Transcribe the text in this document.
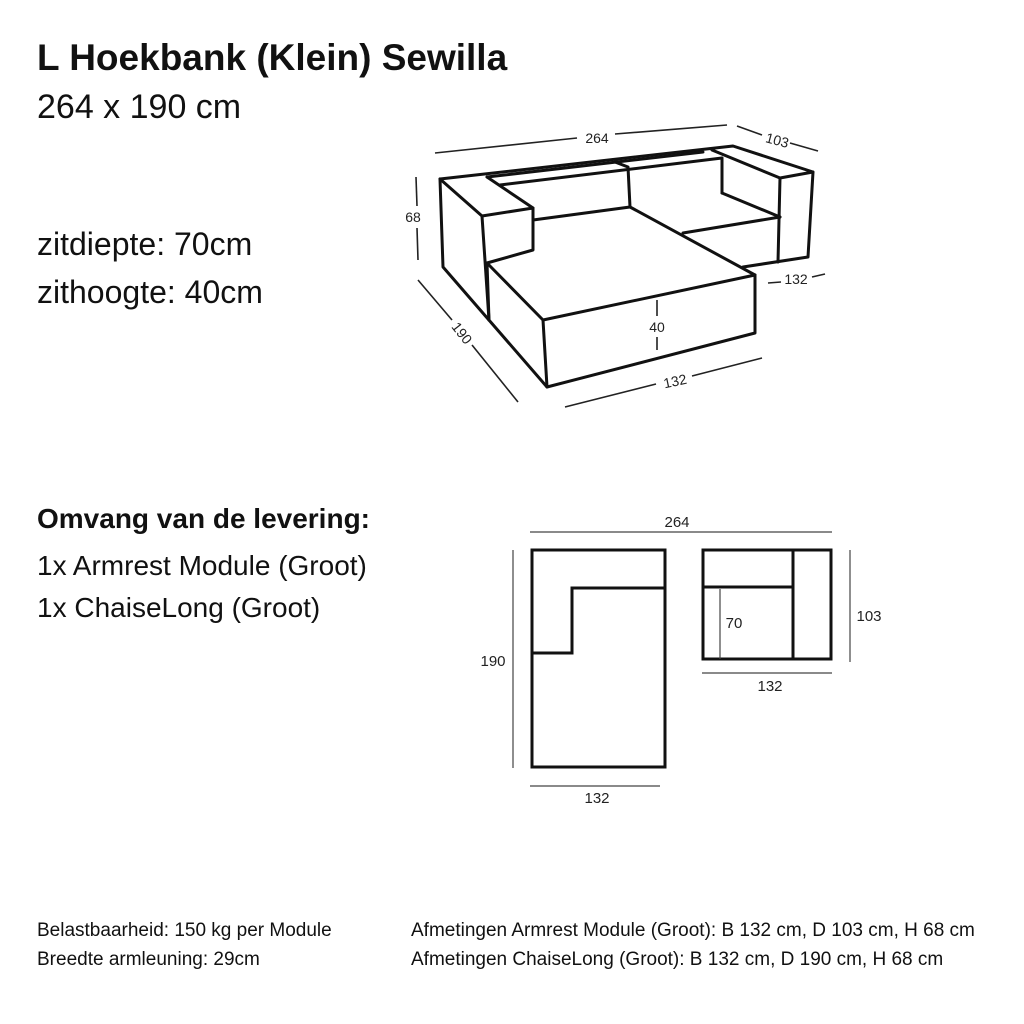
L Hoekbank (Klein) Sewilla
264 x 190 cm
zitdiepte: 70cm
zithoogte: 40cm
264	103
68
190
132
40
132
264
190
132
70	103
132
Omvang van de levering:
1x Armrest Module (Groot)
1x ChaiseLong (Groot)
Belastbaarheid: 150 kg per Module
Breedte armleuning: 29cm
Afmetingen Armrest Module (Groot): B 132 cm, D 103 cm, H 68 cm
Afmetingen ChaiseLong (Groot): B 132 cm, D 190 cm, H 68 cm
